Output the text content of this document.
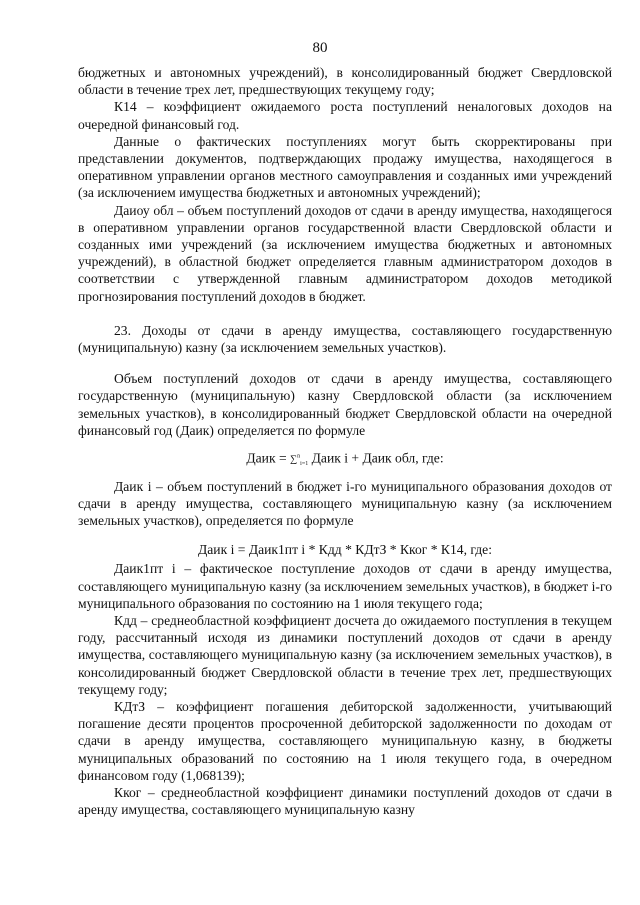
80

бюджетных и автономных учреждений), в консолидированный бюджет Свердловской области в течение трех лет, предшествующих текущему году;

К14 – коэффициент ожидаемого роста поступлений неналоговых доходов на очередной финансовый год.

Данные о фактических поступлениях могут быть скорректированы при представлении документов, подтверждающих продажу имущества, находящегося в оперативном управлении органов местного самоуправления и созданных ими учреждений (за исключением имущества бюджетных и автономных учреждений);

Даиоу обл – объем поступлений доходов от сдачи в аренду имущества, находящегося в оперативном управлении органов государственной власти Свердловской области и созданных ими учреждений (за исключением имущества бюджетных и автономных учреждений), в областной бюджет определяется главным администратором доходов в соответствии с утвержденной главным администратором доходов методикой прогнозирования поступлений доходов в бюджет.

23. Доходы от сдачи в аренду имущества, составляющего государственную (муниципальную) казну (за исключением земельных участков).

Объем поступлений доходов от сдачи в аренду имущества, составляющего государственную (муниципальную) казну Свердловской области (за исключением земельных участков), в консолидированный бюджет Свердловской области на очередной финансовый год (Даик) определяется по формуле

Даик = ∑$^n_{i=1}$ Даик i + Даик обл, где:

Даик i – объем поступлений в бюджет i-го муниципального образования доходов от сдачи в аренду имущества, составляющего муниципальную казну (за исключением земельных участков), определяется по формуле

Даик i = Даик1пт i * Кдд * КДтЗ * Кког * К14, где:

Даик1пт i – фактическое поступление доходов от сдачи в аренду имущества, составляющего муниципальную казну (за исключением земельных участков), в бюджет i-го муниципального образования по состоянию на 1 июля текущего года;

Кдд – среднеобластной коэффициент досчета до ожидаемого поступления в текущем году, рассчитанный исходя из динамики поступлений доходов от сдачи в аренду имущества, составляющего муниципальную казну (за исключением земельных участков), в консолидированный бюджет Свердловской области в течение трех лет, предшествующих текущему году;

КДтЗ – коэффициент погашения дебиторской задолженности, учитывающий погашение десяти процентов просроченной дебиторской задолженности по доходам от сдачи в аренду имущества, составляющего муниципальную казну, в бюджеты муниципальных образований по состоянию на 1 июля текущего года, в очередном финансовом году (1,068139);

Кког – среднеобластной коэффициент динамики поступлений доходов от сдачи в аренду имущества, составляющего муниципальную казну
